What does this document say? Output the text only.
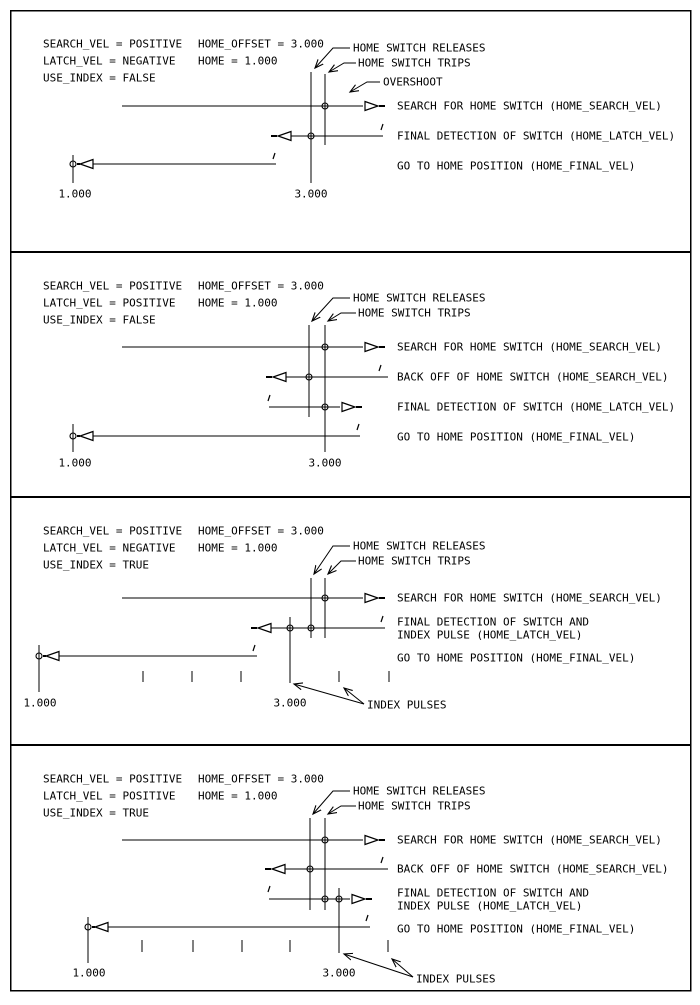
SEARCH_VEL = POSITIVE
LATCH_VEL = NEGATIVE
USE_INDEX = FALSE
HOME_OFFSET = 3.000
HOME = 1.000
HOME SWITCH RELEASES
HOME SWITCH TRIPS
OVERSHOOT
SEARCH FOR HOME SWITCH (HOME_SEARCH_VEL)
FINAL DETECTION OF SWITCH (HOME_LATCH_VEL)
GO TO HOME POSITION (HOME_FINAL_VEL)
1.000	3.000
SEARCH_VEL = POSITIVE
LATCH_VEL = POSITIVE
USE_INDEX = FALSE
HOME_OFFSET = 3.000
HOME = 1.000	HOME SWITCH RELEASES
HOME SWITCH TRIPS
SEARCH FOR HOME SWITCH (HOME_SEARCH_VEL)
BACK OFF OF HOME SWITCH (HOME_SEARCH_VEL)
FINAL DETECTION OF SWITCH (HOME_LATCH_VEL)
GO TO HOME POSITION (HOME_FINAL_VEL)
1.000	3.000
SEARCH_VEL = POSITIVE
LATCH_VEL = NEGATIVE
USE_INDEX = TRUE
HOME_OFFSET = 3.000
HOME = 1.000	HOME SWITCH RELEASES
HOME SWITCH TRIPS
SEARCH FOR HOME SWITCH (HOME_SEARCH_VEL)
FINAL DETECTION OF SWITCH AND
INDEX PULSE (HOME_LATCH_VEL)
GO TO HOME POSITION (HOME_FINAL_VEL)
1.000	3.000	INDEX PULSES
SEARCH_VEL = POSITIVE
LATCH_VEL = POSITIVE
USE_INDEX = TRUE
HOME_OFFSET = 3.000
HOME = 1.000	HOME SWITCH RELEASES
HOME SWITCH TRIPS
SEARCH FOR HOME SWITCH (HOME_SEARCH_VEL)
BACK OFF OF HOME SWITCH (HOME_SEARCH_VEL)
FINAL DETECTION OF SWITCH AND
INDEX PULSE (HOME_LATCH_VEL)
GO TO HOME POSITION (HOME_FINAL_VEL)
1.000	3.000	INDEX PULSES
